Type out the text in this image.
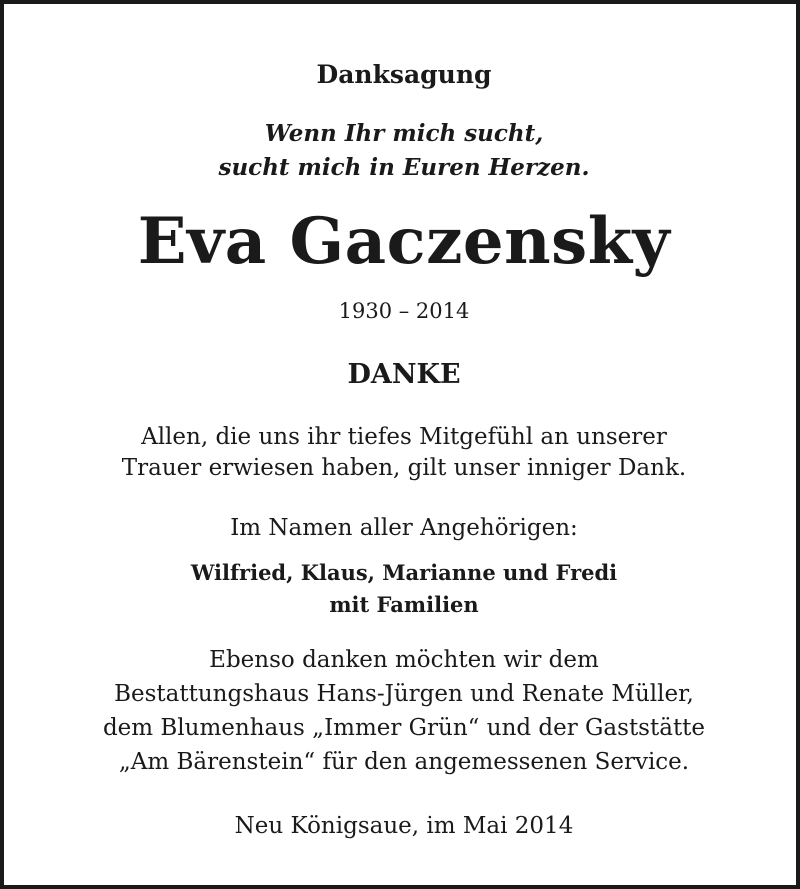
Danksagung
Wenn Ihr mich sucht,
sucht mich in Euren Herzen.
Eva Gaczensky
1930 – 2014
DANKE
Allen, die uns ihr tiefes Mitgefühl an unserer
Trauer erwiesen haben, gilt unser inniger Dank.
Im Namen aller Angehörigen:
Wilfried, Klaus, Marianne und Fredi
mit Familien
Ebenso danken möchten wir dem
Bestattungshaus Hans-Jürgen und Renate Müller,
dem Blumenhaus „Immer Grün“ und der Gaststätte
„Am Bärenstein“ für den angemessenen Service.
Neu Königsaue, im Mai 2014
